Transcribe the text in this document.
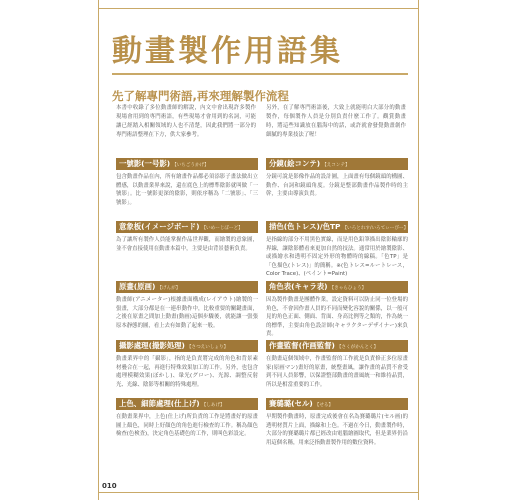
動畫製作用語集
先了解專門術語,再來理解製作流程
本書中收錄了多位動畫師的解說，內文中會出現許多製作現場會用到的專門術語，有些現場才會用到的名詞，可能讓已經踏入相關領域的人也不清楚，因此我們將一部分的專門術語整理在下方，供大家參考。
另外，在了解專門術語後，大致上就能明白大部分的動畫製作，每個製作人員是分別負責什麼工作了。觀賞動畫時，將這些知識放在腦海中的話，或許就會發覺動畫創作細膩的專業技法了喔！
一號影(一号影) 【いちごうかげ】
包含動畫作品在內，所有繪畫作品都必須添影子畫法做出立體感，以動畫業界來說，還在底色上的標準陰影就叫做「一號影」。比一號影更深的陰影，則依序稱為「二號影」、「三號影」。
分鏡(絵コンテ) 【えコンテ】
分鏡可說是影像作品的設計圖，上面畫有每個鏡頭的構圖、動作、台詞和鏡頭角度。分鏡是整部動畫作品製作時的主幹，主要由導演負責。
意象板(イメージボード) 【いめーじぼーど】
為了讓所有製作人員能掌握作品世界觀，而繪製的意象圖，並不會直接使用在動畫本篇中，主要是由背景藝術負責。
描色(色トレス)/色TP 【いろとれす/いろてぃーぴー】
是指線的部分不用黑色實線，而是用色鉛筆描出陰影輪廓的界線，讓陰影體看來更加自然的技法。通常用於繪製陰影、或描繪水和透明不固定外形的物體時的線稿。「色TP」是「色描色(トレス)」的簡稱。※(色トレス=ルートレース，Color Trace)、(ペイント=Paint)
原畫(原画) 【げんが】
動畫師(アニメーター)根據畫面構成(レイアウト)繪製的一張畫，大部分都是在一連串動作中，比較重要的關鍵畫面，之後在原畫之間加上動畫(動画)這個步驟後，就能讓一張張原本靜態的圖，看上去有如動了起來一般。
角色表(キャラ表) 【きゃらひょう】
因為製作動畫是團體作業，設定資料可以防止同一位登場的角色，不會因作畫人員的不同而變化容貌的關係，以一般可見的角色正面、側面、背面、身高比例等之類的，作為統一的標準，主要由角色設計師(キャラクターデザイナー)來負責。
攝影處理(撮影処理) 【さつえいしょり】
動畫業界中的「攝影」，指的是負責將完成的角色和背景素材疊合在一起，再進行特殊效果加工的工作。另外，也包含處理模糊效果(ぼかし)、暈光(グロー)、光源、調整反射光、光線、陰影等相關的特殊處理。
作畫監督(作画監督) 【さくがかんとく】
在動畫這個領域中，作畫監督的工作就是負責修正多位原畫家(原画マン)畫好的原畫，統整畫風，讓作畫的品質不會受到不同人員影響，以保證整部動畫的畫風統一和維持品質，所以是相當重要的工作。
上色、細節處理(仕上げ) 【しあげ】
在動畫業界中，上色(仕上げ)所負責的工作是將畫好的原畫圖上顏色，同時上好顏色的角色進行檢查的工作。稱為顏色檢查(色検査)，決定角色基礎色的工作，則叫色彩設定。
賽璐璐(セル) 【せる】
早期製作動畫時，原畫完成後會在名為賽璐璐片(セル画)的透明材質片上面，描線和上色。不過在今日，動畫製作時，大部分的賽璐璐片都已經改由電腦繪圖取代，但是業界仍沿用這個名稱，用來泛指動畫製作用的數位資料。
010
